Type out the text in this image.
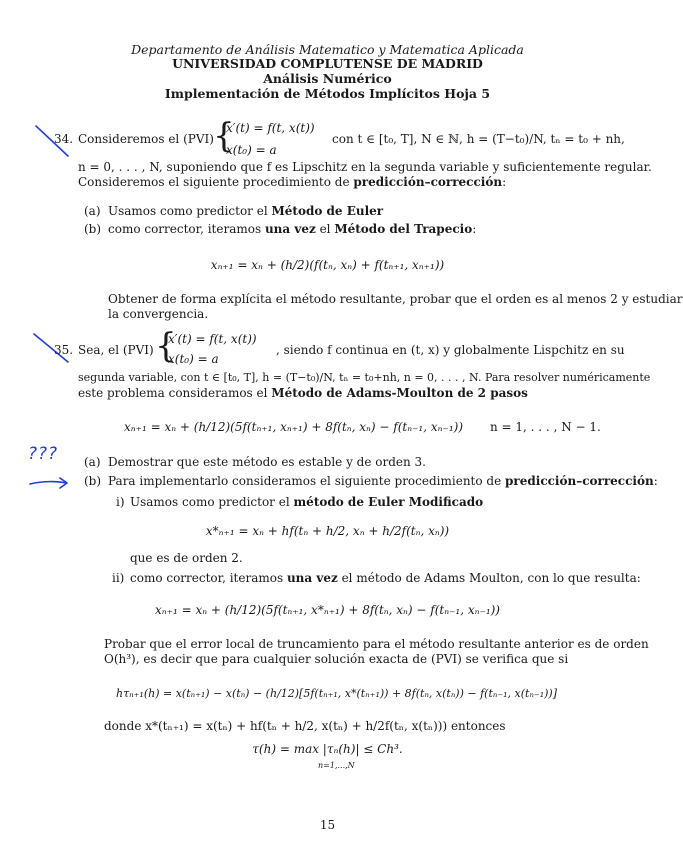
Departamento de Análisis Matematico y Matematica Aplicada
UNIVERSIDAD COMPLUTENSE DE MADRID
Análisis Numérico
Implementación de Métodos Implícitos Hoja 5
???
34. Consideremos el (PVI) {
x′(t) = f(t, x(t))
x(t₀) = a
con t ∈ [t₀, T], N ∈ ℕ, h = (T−t₀)/N, tₙ = t₀ + nh,
n = 0, . . . , N, suponiendo que f es Lipschitz en la segunda variable y suficientemente regular.
Consideremos el siguiente procedimiento de predicción–corrección:
(a) Usamos como predictor el Método de Euler
(b) como corrector, iteramos una vez el Método del Trapecio:
xₙ₊₁ = xₙ + (h/2)(f(tₙ, xₙ) + f(tₙ₊₁, xₙ₊₁))
Obtener de forma explícita el método resultante, probar que el orden es al menos 2 y estudiar
la convergencia.
35. Sea, el (PVI) {
x′(t) = f(t, x(t))
x(t₀) = a
, siendo f continua en (t, x) y globalmente Lispchitz en su
segunda variable, con t ∈ [t₀, T], h = (T−t₀)/N, tₙ = t₀+nh, n = 0, . . . , N. Para resolver numéricamente
este problema consideramos el Método de Adams-Moulton de 2 pasos
xₙ₊₁ = xₙ + (h/12)(5f(tₙ₊₁, xₙ₊₁) + 8f(tₙ, xₙ) − f(tₙ₋₁, xₙ₋₁)) n = 1, . . . , N − 1.
(a) Demostrar que este método es estable y de orden 3.
(b) Para implementarlo consideramos el siguiente procedimiento de predicción–corrección:
i) Usamos como predictor el método de Euler Modificado
x*ₙ₊₁ = xₙ + hf(tₙ + h/2, xₙ + h/2f(tₙ, xₙ))
que es de orden 2.
ii) como corrector, iteramos una vez el método de Adams Moulton, con lo que resulta:
xₙ₊₁ = xₙ + (h/12)(5f(tₙ₊₁, x*ₙ₊₁) + 8f(tₙ, xₙ) − f(tₙ₋₁, xₙ₋₁))
Probar que el error local de truncamiento para el método resultante anterior es de orden
O(h³), es decir que para cualquier solución exacta de (PVI) se verifica que si
hτₙ₊₁(h) = x(tₙ₊₁) − x(tₙ) − (h/12)[5f(tₙ₊₁, x*(tₙ₊₁)) + 8f(tₙ, x(tₙ)) − f(tₙ₋₁, x(tₙ₋₁))]
donde x*(tₙ₊₁) = x(tₙ) + hf(tₙ + h/2, x(tₙ) + h/2f(tₙ, x(tₙ))) entonces
τ(h) = max |τₙ(h)| ≤ Ch³.
n=1,...,N
15
